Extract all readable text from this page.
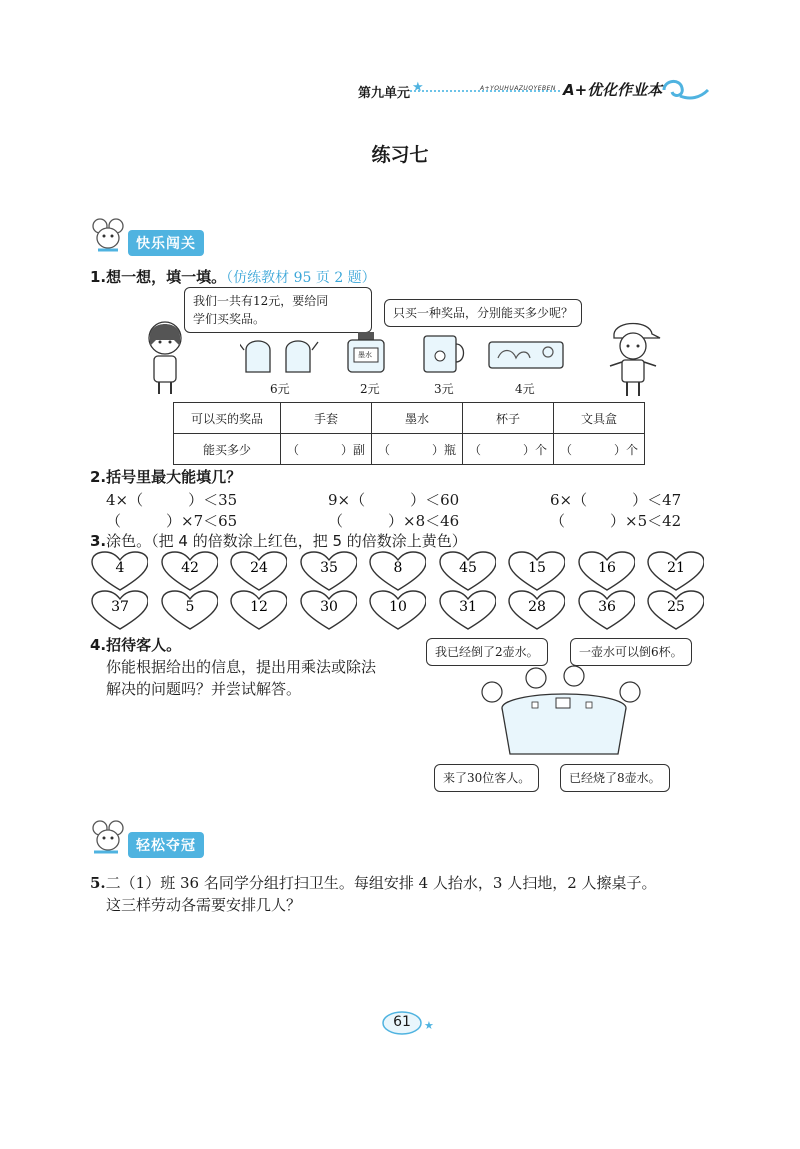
第九单元 ★	A+YOUHUAZUOYEBEN A+优化作业本
练习七
快乐闯关
1.想一想，填一填。（仿练教材 95 页 2 题）
我们一共有12元，要给同
学们买奖品。	只买一种奖品，分别能买多少呢？
墨水
6元	2元	3元	4元
可以买的奖品	手套	墨水	杯子	文具盒
能买多少	（ ）副	（ ）瓶	（ ）个	（ ）个
2.括号里最大能填几？
4×（　　　）＜35	9×（　　　）＜60	6×（　　　）＜47
（　　　）×7＜65	（　　　）×8＜46	（　　　）×5＜42
3.涂色。（把 4 的倍数涂上红色，把 5 的倍数涂上黄色）
4	42	24	35	8	45	15	16	21
37	5	12	30	10	31	28	36	25
4.招待客人。
你能根据给出的信息，提出用乘法或除法
解决的问题吗？并尝试解答。
我已经倒了2壶水。	一壶水可以倒6杯。
来了30位客人。	已经烧了8壶水。
轻松夺冠
5.二（1）班 36 名同学分组打扫卫生。每组安排 4 人抬水，3 人扫地，2 人擦桌子。
这三样劳动各需要安排几人？
★
61
